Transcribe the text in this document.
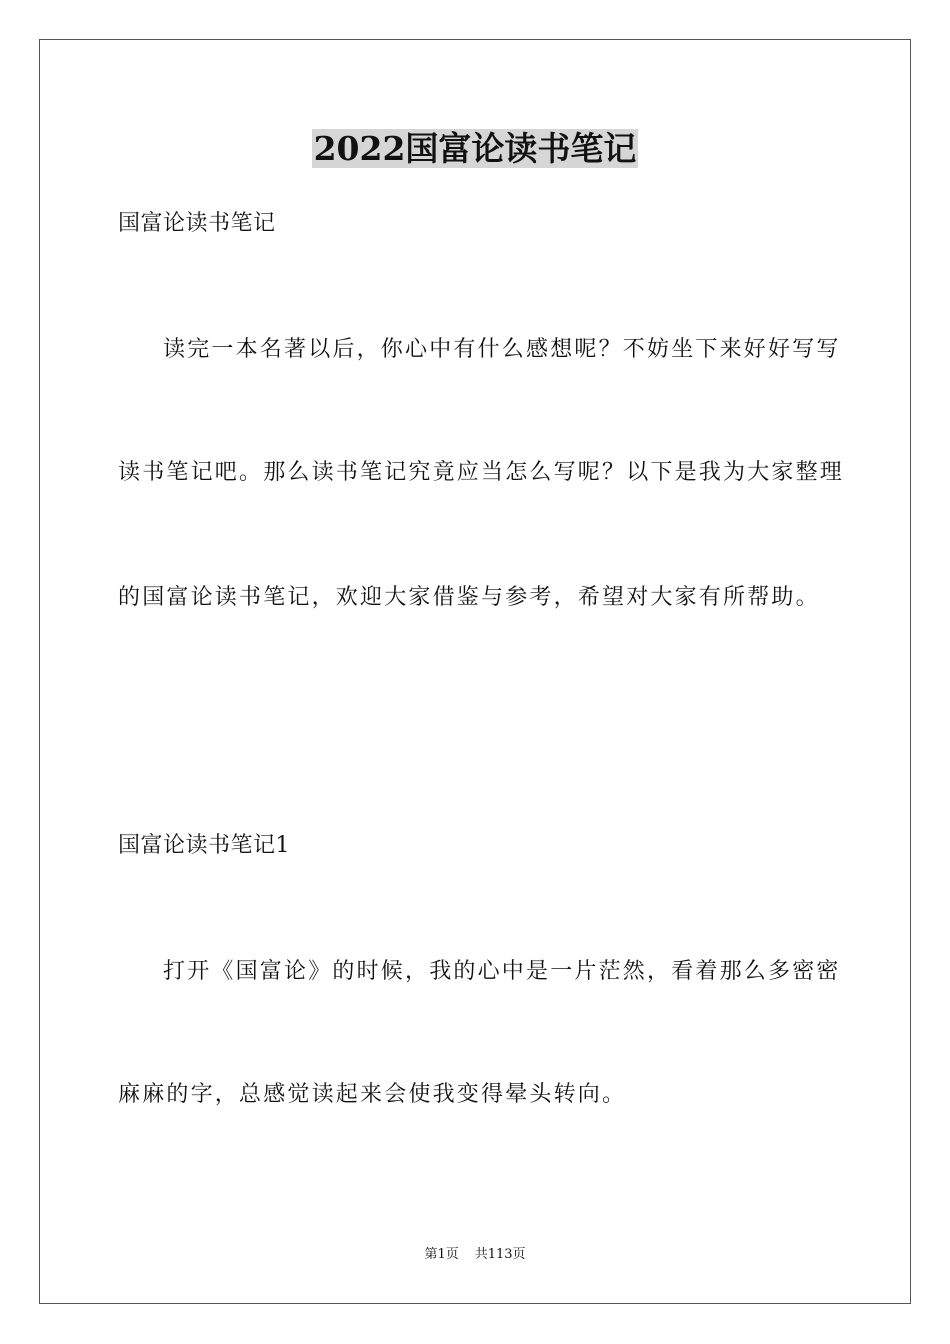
2022国富论读书笔记
国富论读书笔记
读完一本名著以后，你心中有什么感想呢？不妨坐下来好好写写
读书笔记吧。那么读书笔记究竟应当怎么写呢？以下是我为大家整理
的国富论读书笔记，欢迎大家借鉴与参考，希望对大家有所帮助。
国富论读书笔记1
打开《国富论》的时候，我的心中是一片茫然，看着那么多密密
麻麻的字，总感觉读起来会使我变得晕头转向。
第1页 共113页
